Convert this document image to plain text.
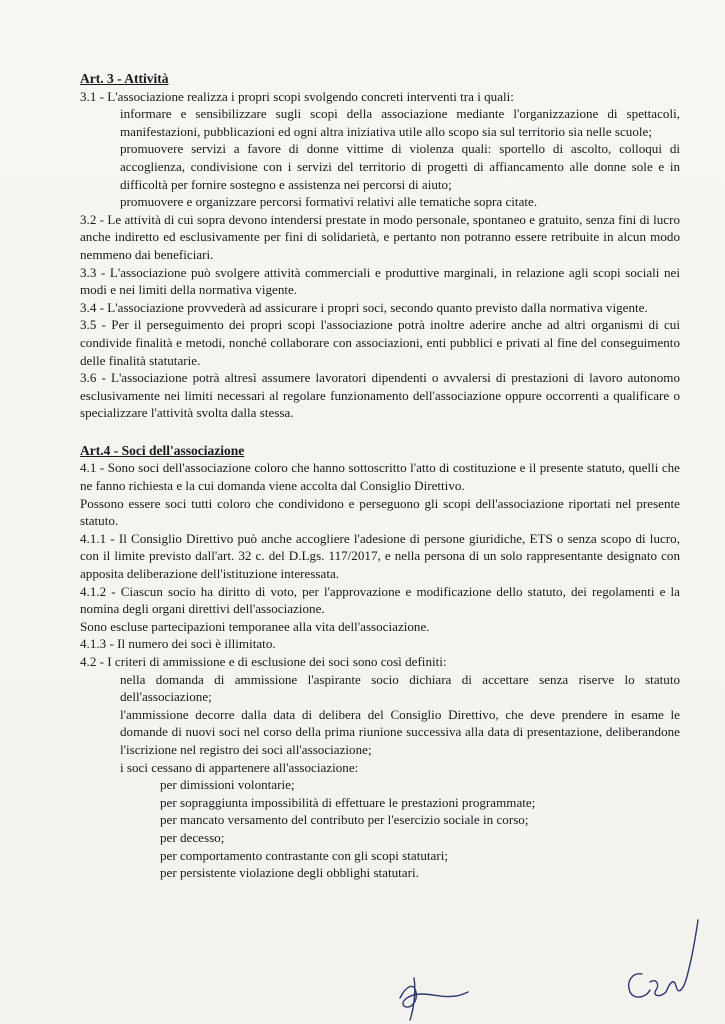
Art. 3 - Attività

3.1 - L'associazione realizza i propri scopi svolgendo concreti interventi tra i quali:

informare e sensibilizzare sugli scopi della associazione mediante l'organizzazione di spettacoli, manifestazioni, pubblicazioni ed ogni altra iniziativa utile allo scopo sia sul territorio sia nelle scuole;

promuovere servizi a favore di donne vittime di violenza quali: sportello di ascolto, colloqui di accoglienza, condivisione con i servizi del territorio di progetti di affiancamento alle donne sole e in difficoltà per fornire sostegno e assistenza nei percorsi di aiuto;

promuovere e organizzare percorsi formativi relativi alle tematiche sopra citate.

3.2 - Le attività di cui sopra devono intendersi prestate in modo personale, spontaneo e gratuito, senza fini di lucro anche indiretto ed esclusivamente per fini di solidarietà, e pertanto non potranno essere retribuite in alcun modo nemmeno dai beneficiari.

3.3 - L'associazione può svolgere attività commerciali e produttive marginali, in relazione agli scopi sociali nei modi e nei limiti della normativa vigente.

3.4 - L'associazione provvederà ad assicurare i propri soci, secondo quanto previsto dalla normativa vigente.

3.5 - Per il perseguimento dei propri scopi l'associazione potrà inoltre aderire anche ad altri organismi di cui condivide finalità e metodi, nonché collaborare con associazioni, enti pubblici e privati al fine del conseguimento delle finalità statutarie.

3.6 - L'associazione potrà altresì assumere lavoratori dipendenti o avvalersi di prestazioni di lavoro autonomo esclusivamente nei limiti necessari al regolare funzionamento dell'associazione oppure occorrenti a qualificare o specializzare l'attività svolta dalla stessa.

Art.4 - Soci dell'associazione

4.1 - Sono soci dell'associazione coloro che hanno sottoscritto l'atto di costituzione e il presente statuto, quelli che ne fanno richiesta e la cui domanda viene accolta dal Consiglio Direttivo.

Possono essere soci tutti coloro che condividono e perseguono gli scopi dell'associazione riportati nel presente statuto.

4.1.1 - Il Consiglio Direttivo può anche accogliere l'adesione di persone giuridiche, ETS o senza scopo di lucro, con il limite previsto dall'art. 32 c. del D.Lgs. 117/2017, e nella persona di un solo rappresentante designato con apposita deliberazione dell'istituzione interessata.

4.1.2 - Ciascun socio ha diritto di voto, per l'approvazione e modificazione dello statuto, dei regolamenti e la nomina degli organi direttivi dell'associazione.

Sono escluse partecipazioni temporanee alla vita dell'associazione.

4.1.3 - Il numero dei soci è illimitato.

4.2 - I criteri di ammissione e di esclusione dei soci sono così definiti:

nella domanda di ammissione l'aspirante socio dichiara di accettare senza riserve lo statuto dell'associazione;

l'ammissione decorre dalla data di delibera del Consiglio Direttivo, che deve prendere in esame le domande di nuovi soci nel corso della prima riunione successiva alla data di presentazione, deliberandone l'iscrizione nel registro dei soci all'associazione;

i soci cessano di appartenere all'associazione:

per dimissioni volontarie;

per sopraggiunta impossibilità di effettuare le prestazioni programmate;

per mancato versamento del contributo per l'esercizio sociale in corso;

per decesso;

per comportamento contrastante con gli scopi statutari;

per persistente violazione degli obblighi statutari.
